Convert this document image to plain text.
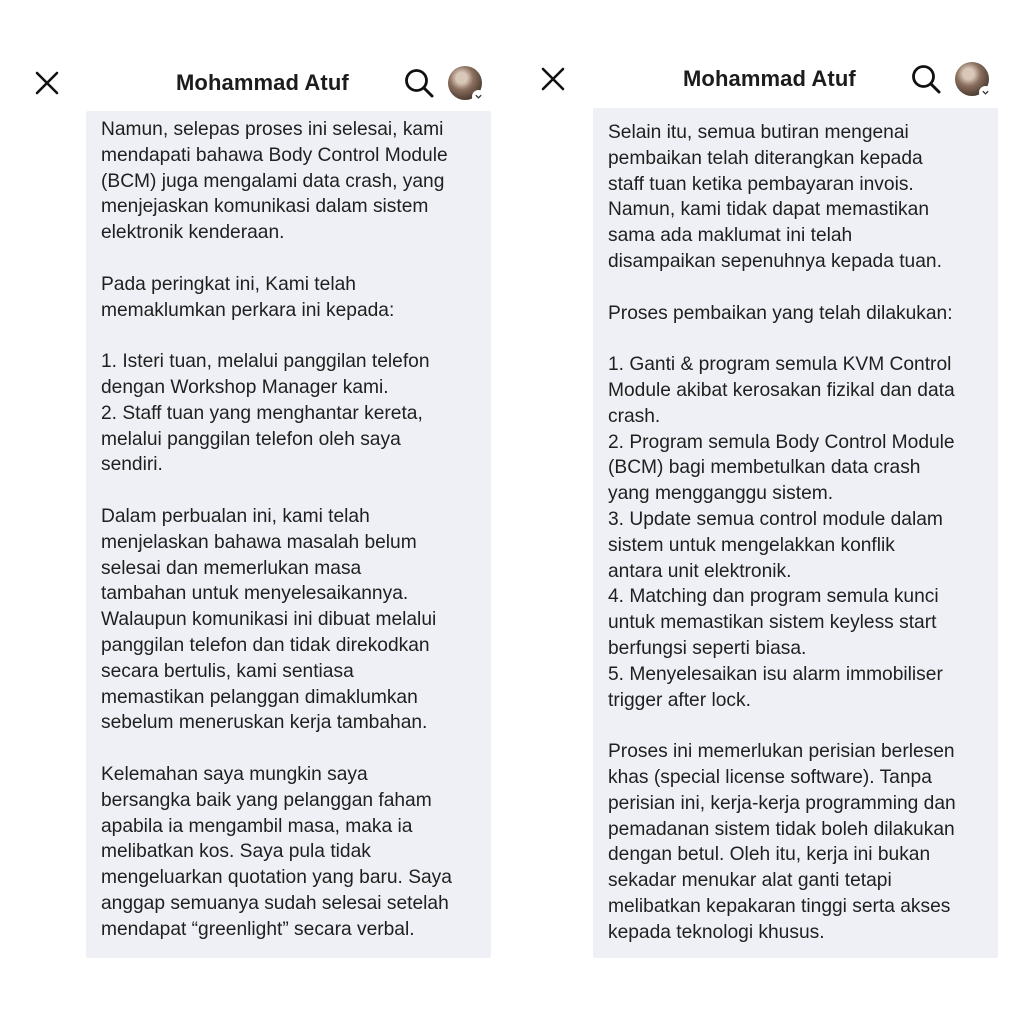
Mohammad Atuf

Namun, selepas proses ini selesai, kami
mendapati bahawa Body Control Module
(BCM) juga mengalami data crash, yang
menjejaskan komunikasi dalam sistem
elektronik kenderaan.

Pada peringkat ini, Kami telah
memaklumkan perkara ini kepada:

1. Isteri tuan, melalui panggilan telefon
dengan Workshop Manager kami.
2. Staff tuan yang menghantar kereta,
melalui panggilan telefon oleh saya
sendiri.

Dalam perbualan ini, kami telah
menjelaskan bahawa masalah belum
selesai dan memerlukan masa
tambahan untuk menyelesaikannya.
Walaupun komunikasi ini dibuat melalui
panggilan telefon dan tidak direkodkan
secara bertulis, kami sentiasa
memastikan pelanggan dimaklumkan
sebelum meneruskan kerja tambahan.

Kelemahan saya mungkin saya
bersangka baik yang pelanggan faham
apabila ia mengambil masa, maka ia
melibatkan kos. Saya pula tidak
mengeluarkan quotation yang baru. Saya
anggap semuanya sudah selesai setelah
mendapat “greenlight” secara verbal.

Mohammad Atuf

Selain itu, semua butiran mengenai
pembaikan telah diterangkan kepada
staff tuan ketika pembayaran invois.
Namun, kami tidak dapat memastikan
sama ada maklumat ini telah
disampaikan sepenuhnya kepada tuan.

Proses pembaikan yang telah dilakukan:

1. Ganti & program semula KVM Control
Module akibat kerosakan fizikal dan data
crash.
2. Program semula Body Control Module
(BCM) bagi membetulkan data crash
yang mengganggu sistem.
3. Update semua control module dalam
sistem untuk mengelakkan konflik
antara unit elektronik.
4. Matching dan program semula kunci
untuk memastikan sistem keyless start
berfungsi seperti biasa.
5. Menyelesaikan isu alarm immobiliser
trigger after lock.

Proses ini memerlukan perisian berlesen
khas (special license software). Tanpa
perisian ini, kerja-kerja programming dan
pemadanan sistem tidak boleh dilakukan
dengan betul. Oleh itu, kerja ini bukan
sekadar menukar alat ganti tetapi
melibatkan kepakaran tinggi serta akses
kepada teknologi khusus.
